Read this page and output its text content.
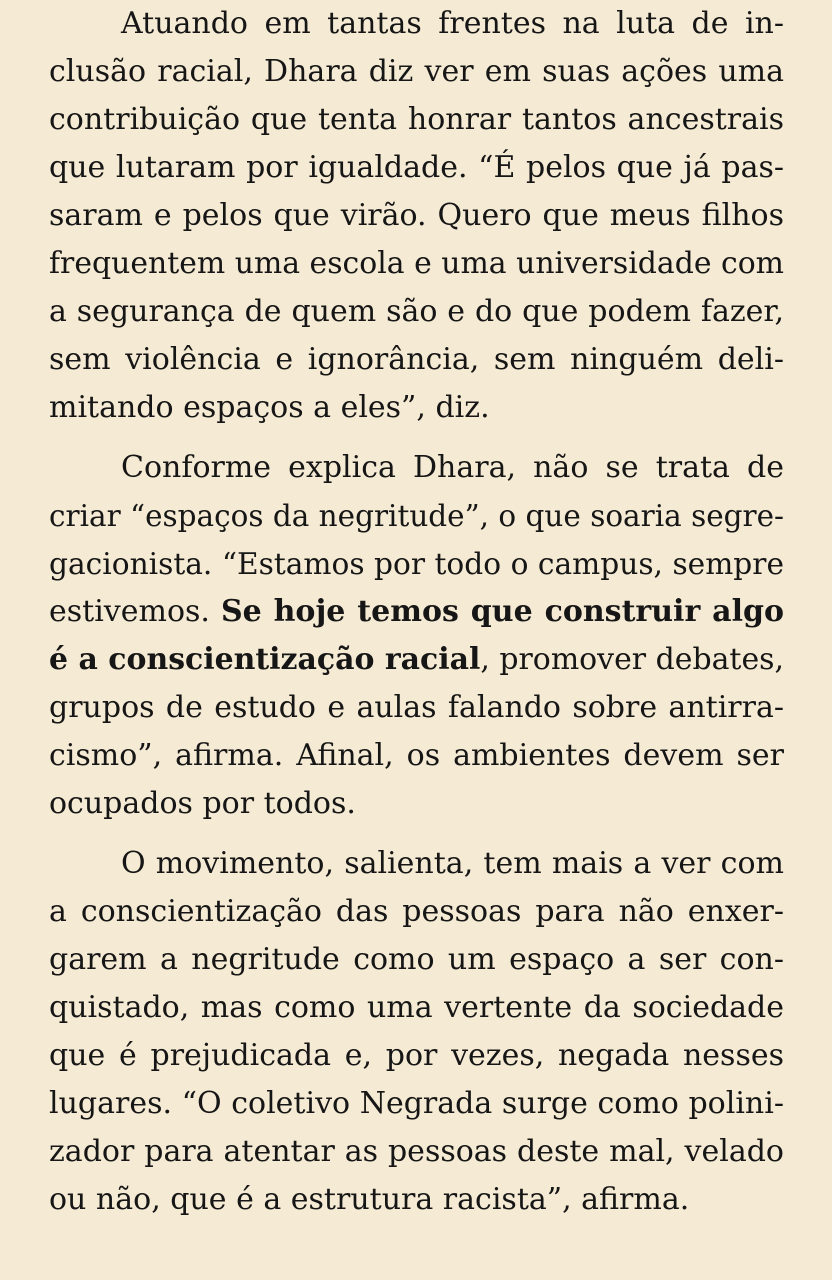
Atuando em tantas frentes na luta de in-
clusão racial, Dhara diz ver em suas ações uma
contribuição que tenta honrar tantos ancestrais
que lutaram por igualdade. “É pelos que já pas-
saram e pelos que virão. Quero que meus filhos
frequentem uma escola e uma universidade com
a segurança de quem são e do que podem fazer,
sem violência e ignorância, sem ninguém deli-
mitando espaços a eles”, diz.

Conforme explica Dhara, não se trata de
criar “espaços da negritude”, o que soaria segre-
gacionista. “Estamos por todo o campus, sempre
estivemos. Se hoje temos que construir algo
é a conscientização racial, promover debates,
grupos de estudo e aulas falando sobre antirra-
cismo”, afirma. Afinal, os ambientes devem ser
ocupados por todos.

O movimento, salienta, tem mais a ver com
a conscientização das pessoas para não enxer-
garem a negritude como um espaço a ser con-
quistado, mas como uma vertente da sociedade
que é prejudicada e, por vezes, negada nesses
lugares. “O coletivo Negrada surge como polini-
zador para atentar as pessoas deste mal, velado
ou não, que é a estrutura racista”, afirma.
